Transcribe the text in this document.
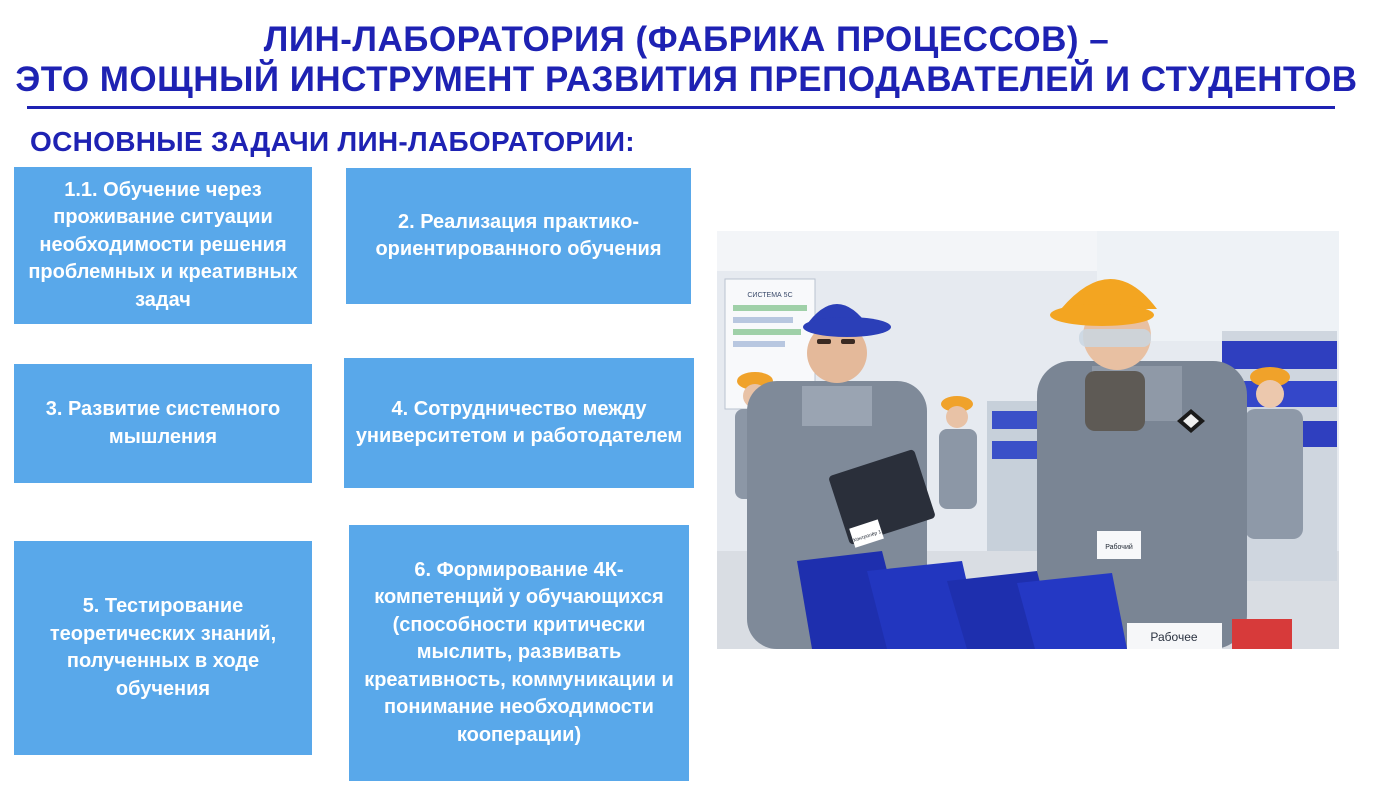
ЛИН-ЛАБОРАТОРИЯ (ФАБРИКА ПРОЦЕССОВ) –
ЭТО МОЩНЫЙ ИНСТРУМЕНТ РАЗВИТИЯ ПРЕПОДАВАТЕЛЕЙ И СТУДЕНТОВ
ОСНОВНЫЕ ЗАДАЧИ ЛИН-ЛАБОРАТОРИИ:
1.1. Обучение через проживание ситуации необходимости решения проблемных и креативных задач
2. Реализация практико-ориентированного обучения
3. Развитие системного мышления
4. Сотрудничество между университетом и работодателем
5. Тестирование теоретических знаний, полученных в ходе обучения
6. Формирование 4К-компетенций у обучающихся (способности критически мыслить, развивать креативность, коммуникации и понимание необходимости кооперации)
СИСТЕМА 5С
Контролёр 1
Рабочий
Рабочее
